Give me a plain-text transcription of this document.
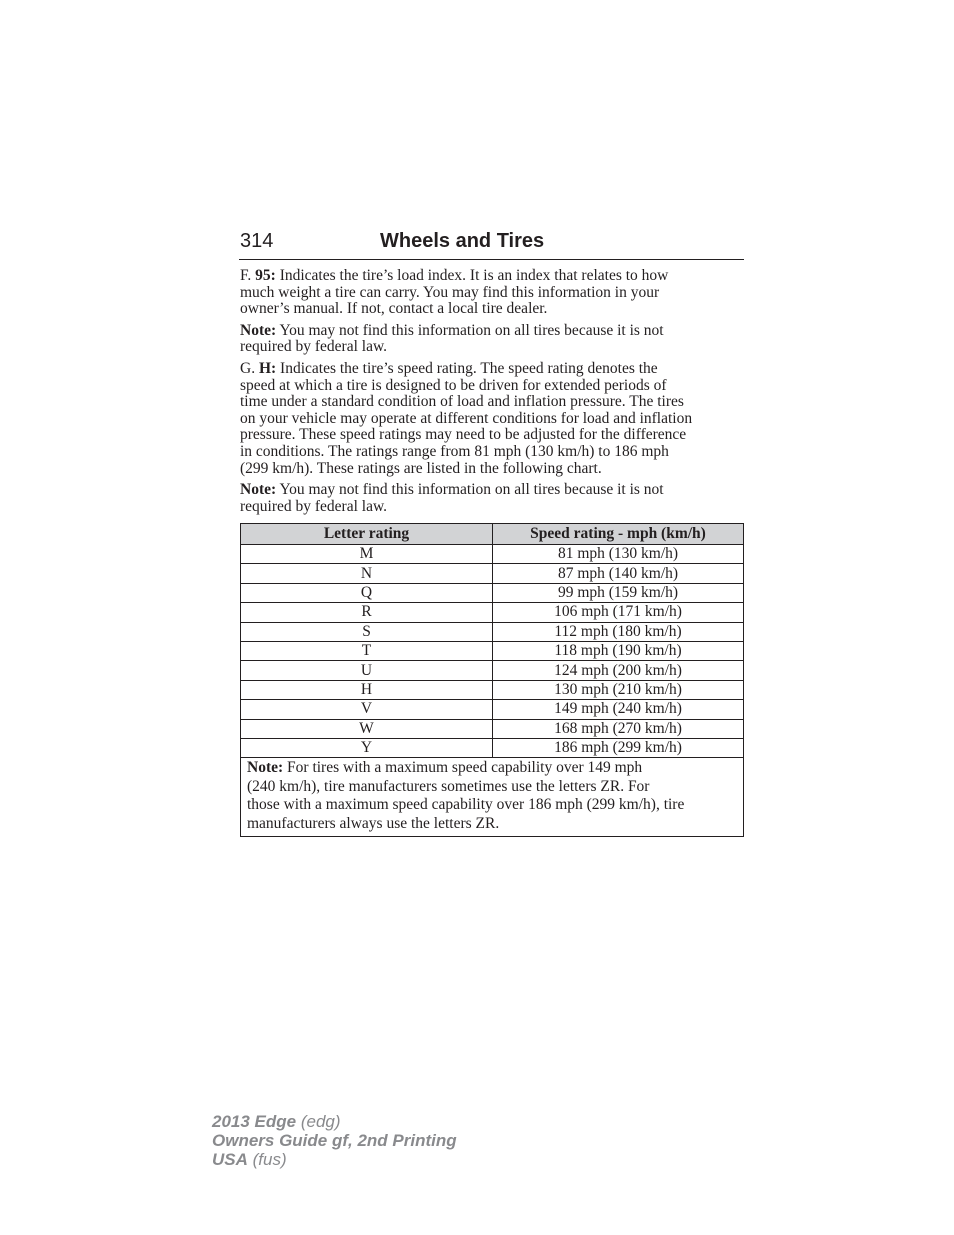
314	Wheels and Tires

F. 95: Indicates the tire’s load index. It is an index that relates to how
much weight a tire can carry. You may find this information in your
owner’s manual. If not, contact a local tire dealer.

Note: You may not find this information on all tires because it is not
required by federal law.

G. H: Indicates the tire’s speed rating. The speed rating denotes the
speed at which a tire is designed to be driven for extended periods of
time under a standard condition of load and inflation pressure. The tires
on your vehicle may operate at different conditions for load and inflation
pressure. These speed ratings may need to be adjusted for the difference
in conditions. The ratings range from 81 mph (130 km/h) to 186 mph
(299 km/h). These ratings are listed in the following chart.

Note: You may not find this information on all tires because it is not
required by federal law.

Letter rating	Speed rating - mph (km/h)
M	81 mph (130 km/h)
N	87 mph (140 km/h)
Q	99 mph (159 km/h)
R	106 mph (171 km/h)
S	112 mph (180 km/h)
T	118 mph (190 km/h)
U	124 mph (200 km/h)
H	130 mph (210 km/h)
V	149 mph (240 km/h)
W	168 mph (270 km/h)
Y	186 mph (299 km/h)

Note: For tires with a maximum speed capability over 149 mph
(240 km/h), tire manufacturers sometimes use the letters ZR. For
those with a maximum speed capability over 186 mph (299 km/h), tire
manufacturers always use the letters ZR.	
2013 Edge (edg)
Owners Guide gf, 2nd Printing
USA (fus)
